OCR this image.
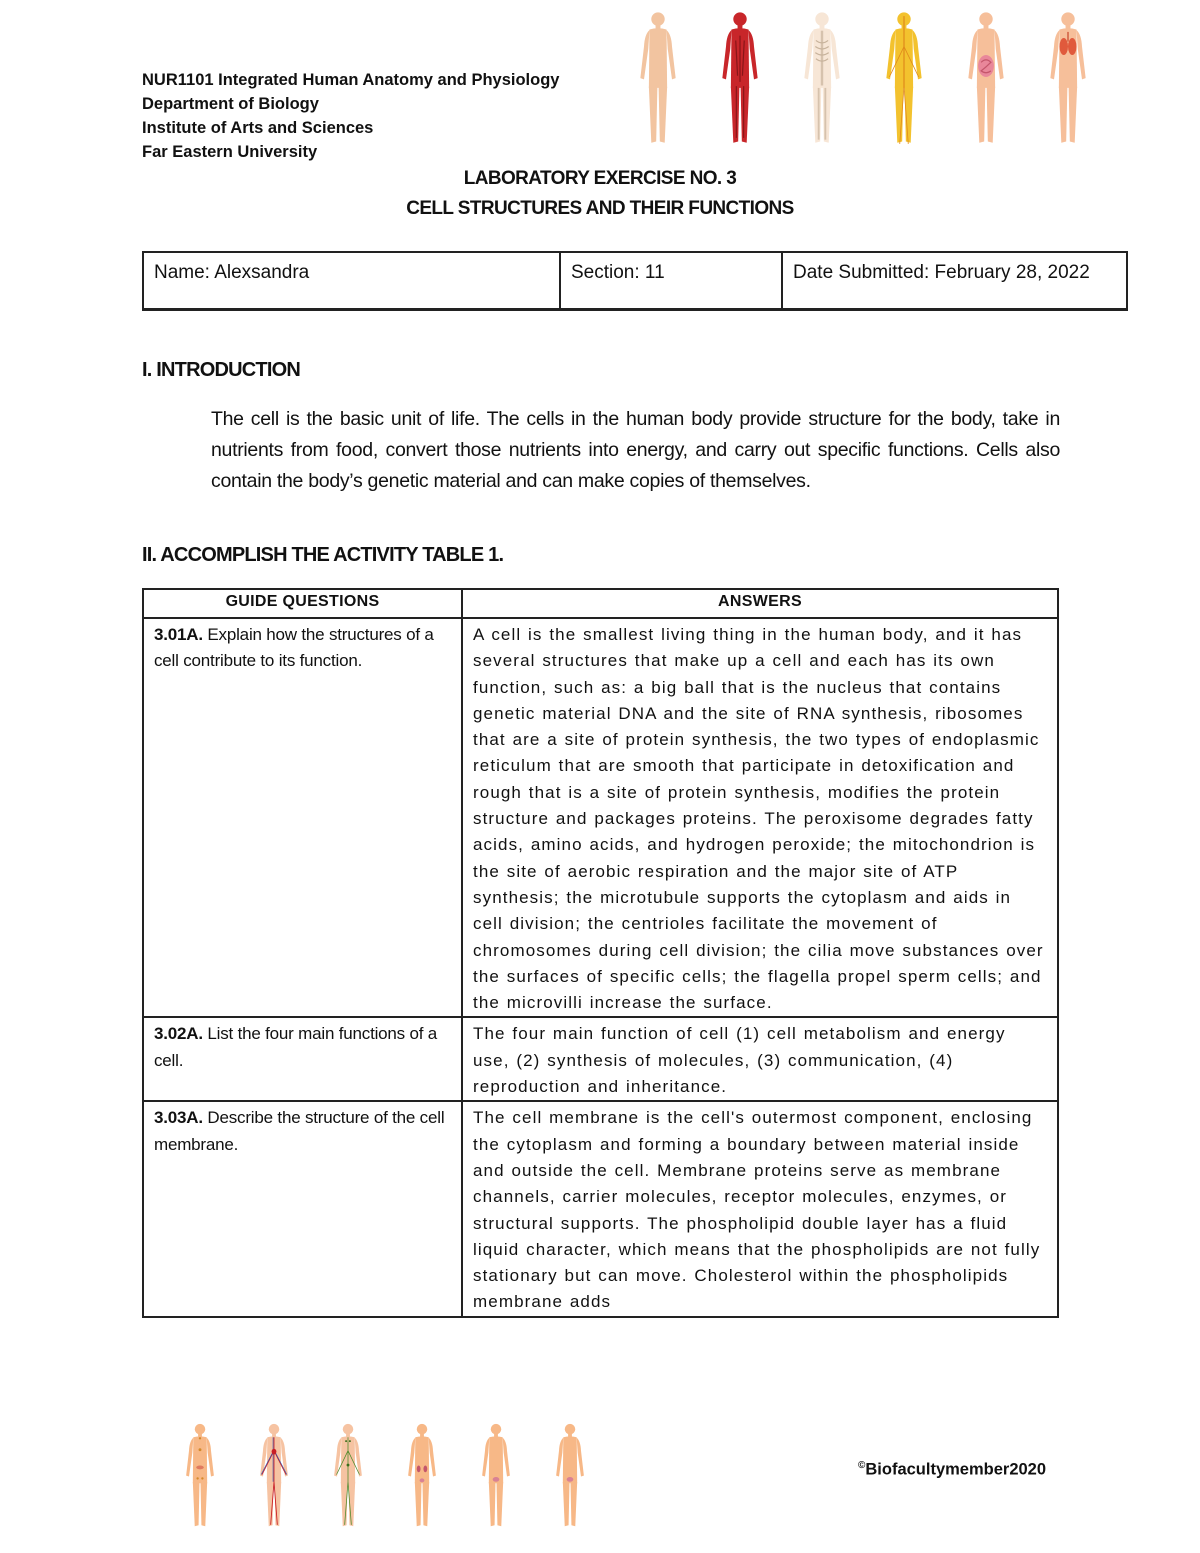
NUR1101 Integrated Human Anatomy and Physiology
Department of Biology
Institute of Arts and Sciences
Far Eastern University
LABORATORY EXERCISE NO. 3
CELL STRUCTURES AND THEIR FUNCTIONS
Name: Alexsandra	Section: 11	Date Submitted: February 28, 2022
I. INTRODUCTION
The cell is the basic unit of life. The cells in the human body provide structure for the body, take in nutrients from food, convert those nutrients into energy, and carry out specific functions. Cells also contain the body’s genetic material and can make copies of themselves.
II. ACCOMPLISH THE ACTIVITY TABLE 1.
GUIDE QUESTIONS	ANSWERS
3.01A. Explain how the structures of a cell contribute to its function.	A cell is the smallest living thing in the human body, and it has several structures that make up a cell and each has its own function, such as: a big ball that is the nucleus that contains genetic material DNA and the site of RNA synthesis, ribosomes that are a site of protein synthesis, the two types of endoplasmic reticulum that are smooth that participate in detoxification and rough that is a site of protein synthesis, modifies the protein structure and packages proteins. The peroxisome degrades fatty acids, amino acids, and hydrogen peroxide; the mitochondrion is the site of aerobic respiration and the major site of ATP synthesis; the microtubule supports the cytoplasm and aids in cell division; the centrioles facilitate the movement of chromosomes during cell division; the cilia move substances over the surfaces of specific cells; the flagella propel sperm cells; and the microvilli increase the surface.
3.02A. List the four main functions of a cell.	The four main function of cell (1) cell metabolism and energy use, (2) synthesis of molecules, (3) communication, (4) reproduction and inheritance.
3.03A. Describe the structure of the cell membrane.	The cell membrane is the cell's outermost component, enclosing the cytoplasm and forming a boundary between material inside and outside the cell. Membrane proteins serve as membrane channels, carrier molecules, receptor molecules, enzymes, or structural supports. The phospholipid double layer has a fluid liquid character, which means that the phospholipids are not fully stationary but can move. Cholesterol within the phospholipids membrane adds
©Biofacultymember2020
